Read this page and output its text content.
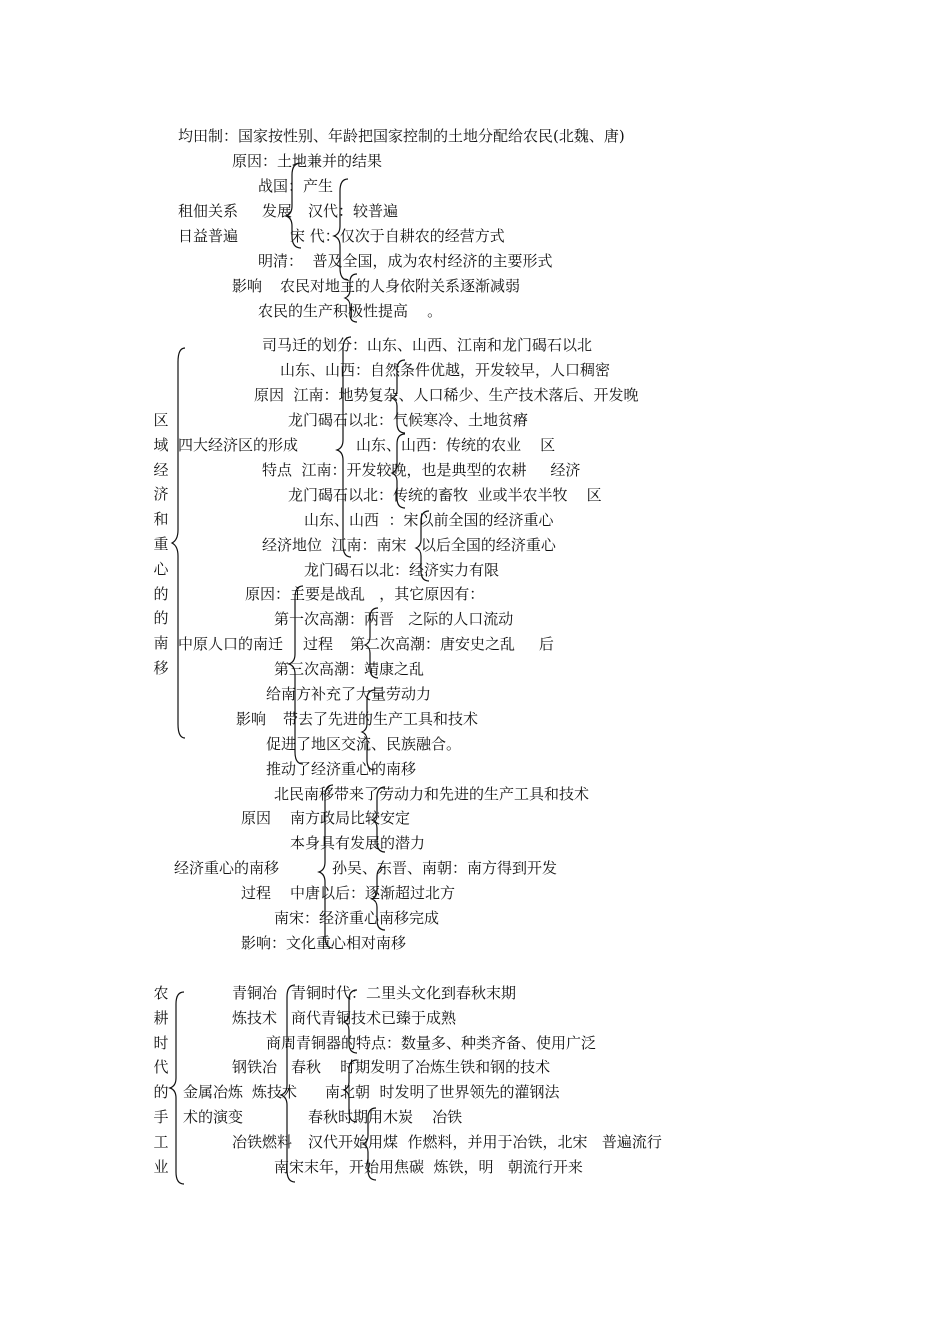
均田制：国家按性别、年龄把国家控制的土地分配给农民(北魏、唐)
原因：土地兼并的结果
战国：产生
租佃关系 发展 汉代：较普遍
日益普遍	宋 代：仅次于自耕农的经营方式
明清：  普及全国，成为农村经济的主要形式
影响 农民对地主的人身依附关系逐渐减弱
农民的生产积极性提高    。
区
域
经
济
和
重
心
的
的
南
移
司马迁的划分：山东、山西、江南和龙门碣石以北
山东、山西：自然条件优越，开发较早，人口稠密
原因  江南：地势复杂、人口稀少、生产技术落后、开发晚
龙门碣石以北：气候寒冷、土地贫瘠
四大经济区的形成	山东、山西：传统的农业    区
特点  江南：开发较晚，也是典型的农耕     经济
龙门碣石以北：传统的畜牧  业或半农半牧    区
山东、山西  ：宋以前全国的经济重心
经济地位  江南：南宋   以后全国的经济重心
龙门碣石以北：经济实力有限
原因：主要是战乱   ，其它原因有：
第一次高潮：两晋   之际的人口流动
中原人口的南迁 过程 第二次高潮：唐安史之乱     后
第三次高潮：靖康之乱
给南方补充了大量劳动力
影响 带去了先进的生产工具和技术
促进了地区交流、民族融合。
推动了经济重心的南移
北民南移带来了劳动力和先进的生产工具和技术
原因 南方政局比较安定
本身具有发展的潜力
经济重心的南移	孙吴、东晋、南朝：南方得到开发
过程 中唐以后：逐渐超过北方
南宋：经济重心南移完成
影响：文化重心相对南移
农
耕
时
代
的
手
工
业
青铜冶 青铜时代：二里头文化到春秋末期
炼技术 商代青铜技术已臻于成熟
商周青铜器的特点：数量多、种类齐备、使用广泛
钢铁冶 春秋    时期发明了冶炼生铁和钢的技术
金属冶炼 炼技术 南北朝  时发明了世界领先的灌钢法
术的演变	春秋时期用木炭    冶铁
冶铁燃料 汉代开始用煤  作燃料，并用于冶铁，北宋   普遍流行
南宋末年，开始用焦碳  炼铁，明   朝流行开来
